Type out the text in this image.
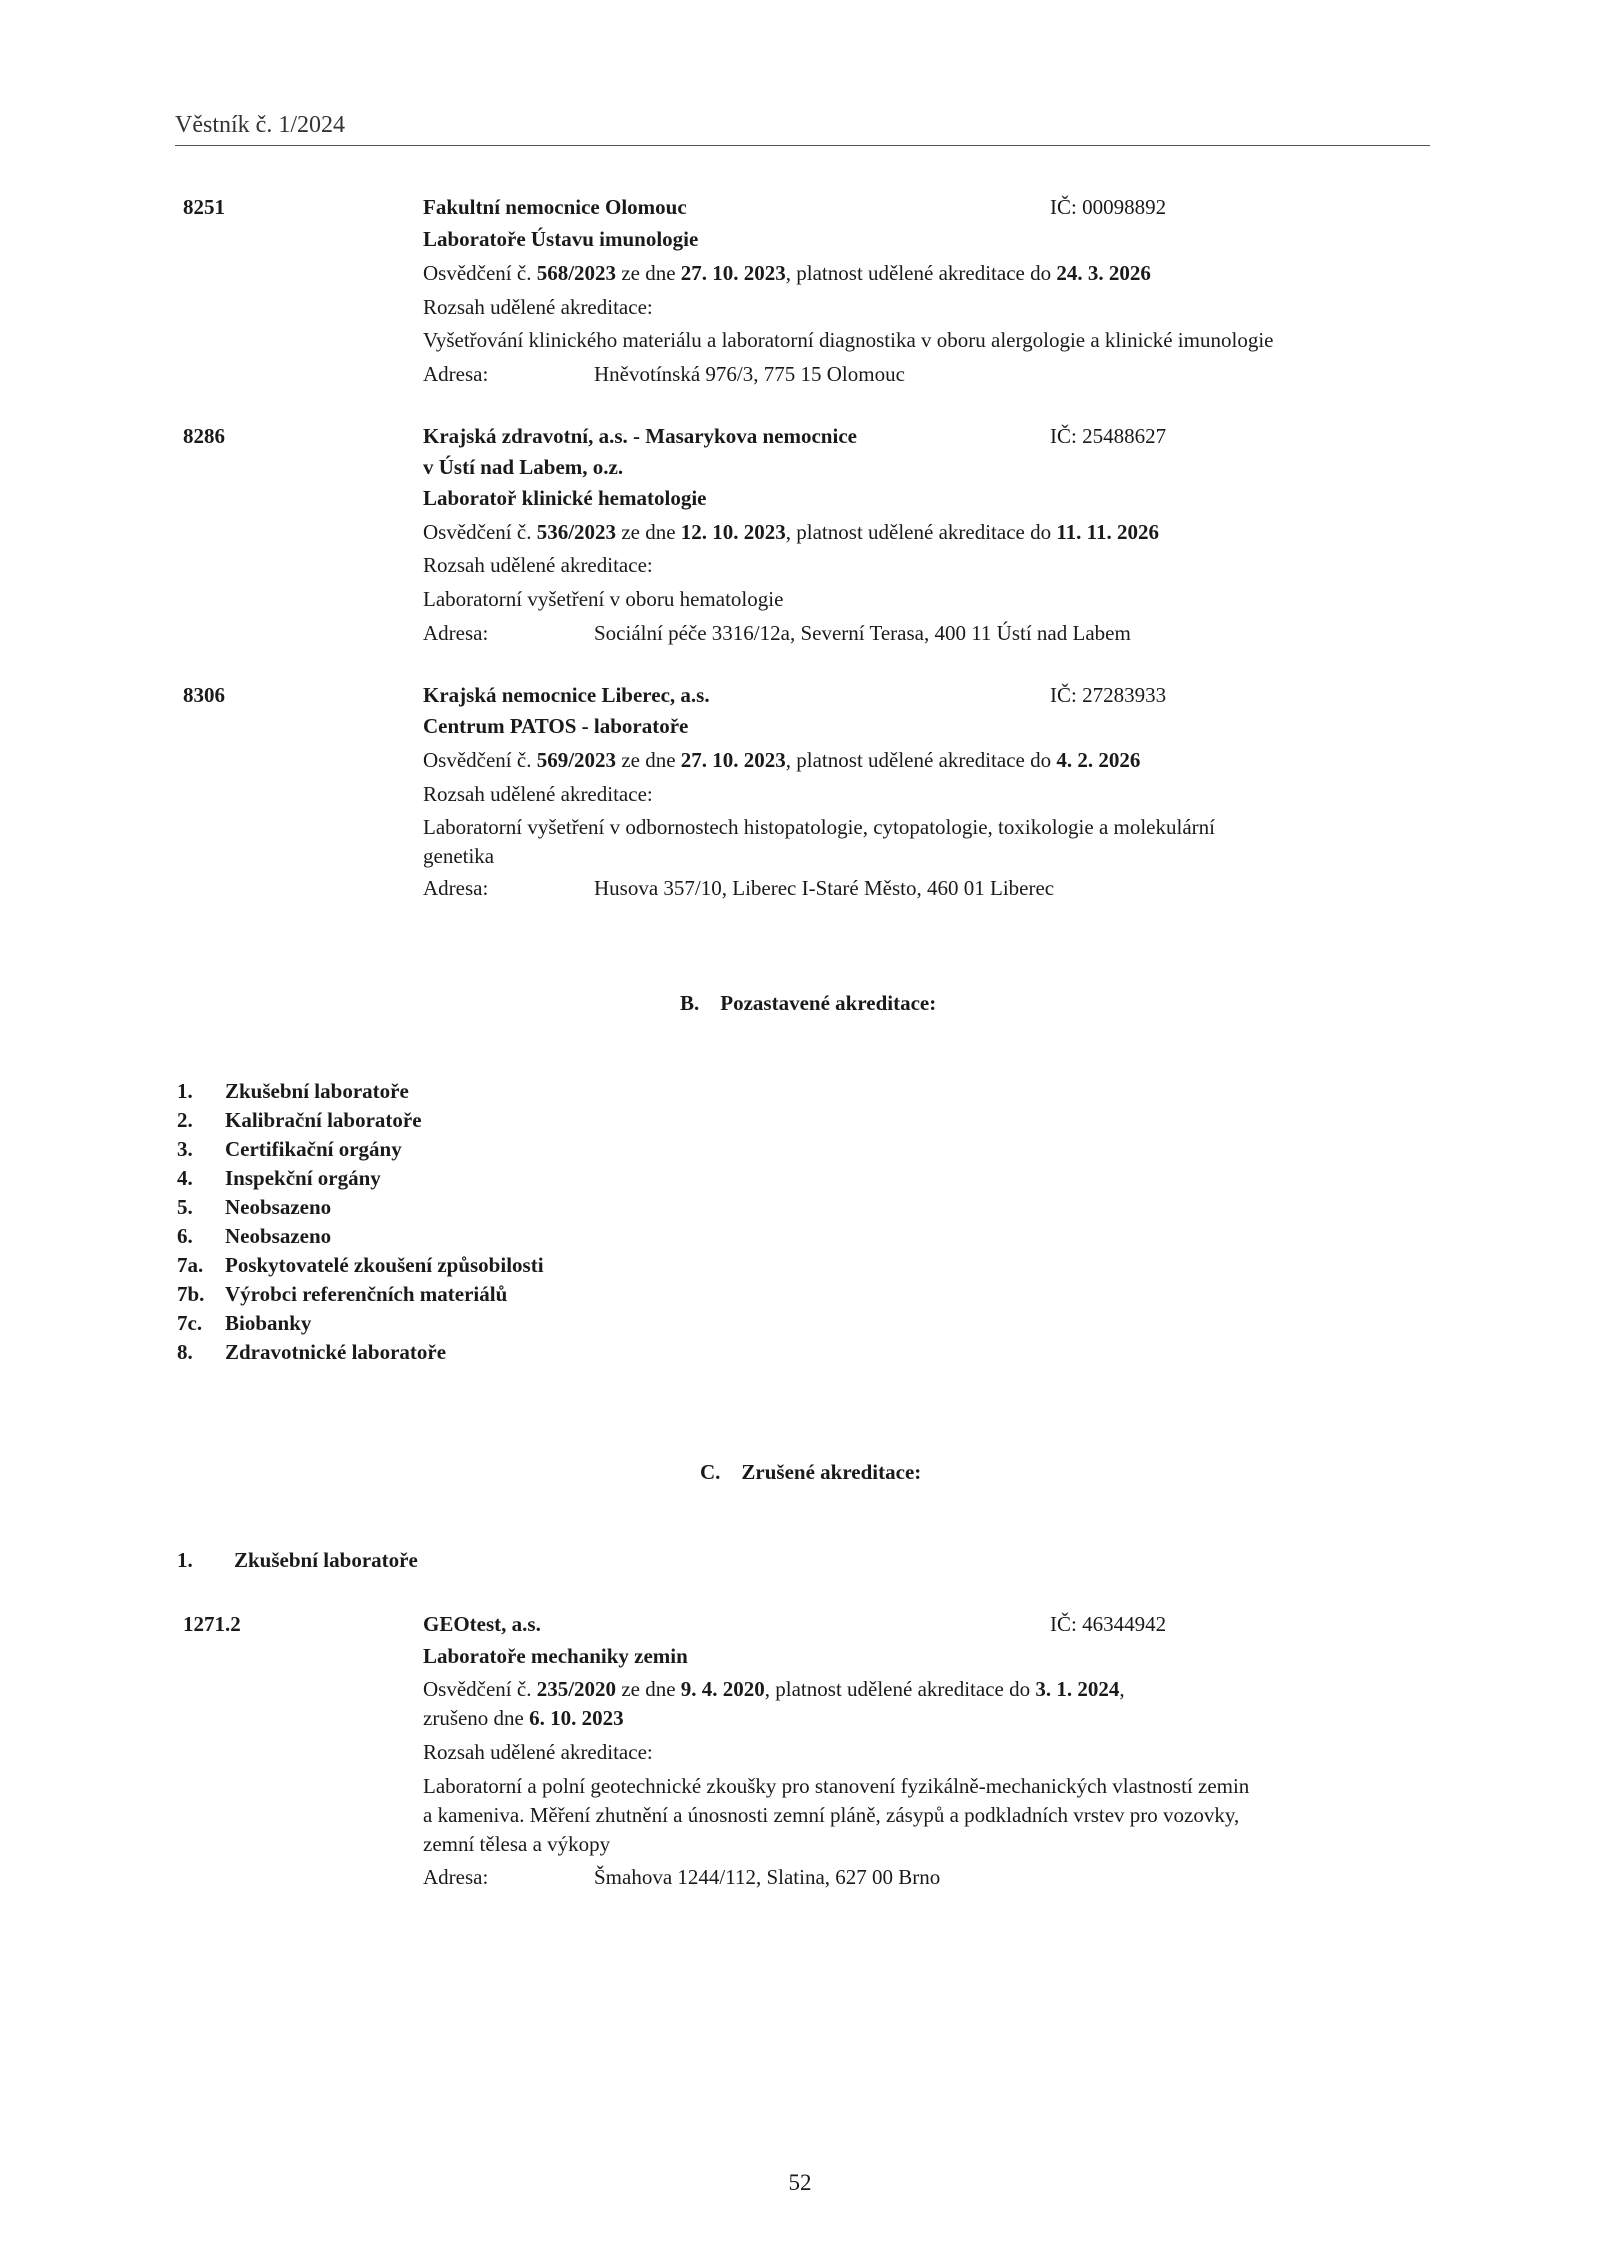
Věstník č. 1/2024
8251	Fakultní nemocnice Olomouc	IČ: 00098892
Laboratoře Ústavu imunologie
Osvědčení č. 568/2023 ze dne 27. 10. 2023, platnost udělené akreditace do 24. 3. 2026
Rozsah udělené akreditace:
Vyšetřování klinického materiálu a laboratorní diagnostika v oboru alergologie a klinické imunologie
Adresa:	Hněvotínská 976/3, 775 15 Olomouc
8286	Krajská zdravotní, a.s. - Masarykova nemocnice	IČ: 25488627
v Ústí nad Labem, o.z.
Laboratoř klinické hematologie
Osvědčení č. 536/2023 ze dne 12. 10. 2023, platnost udělené akreditace do 11. 11. 2026
Rozsah udělené akreditace:
Laboratorní vyšetření v oboru hematologie
Adresa:	Sociální péče 3316/12a, Severní Terasa, 400 11 Ústí nad Labem
8306	Krajská nemocnice Liberec, a.s.	IČ: 27283933
Centrum PATOS - laboratoře
Osvědčení č. 569/2023 ze dne 27. 10. 2023, platnost udělené akreditace do 4. 2. 2026
Rozsah udělené akreditace:
Laboratorní vyšetření v odbornostech histopatologie, cytopatologie, toxikologie a molekulární
genetika
Adresa:	Husova 357/10, Liberec I-Staré Město, 460 01 Liberec
B. Pozastavené akreditace:
1. Zkušební laboratoře
2. Kalibrační laboratoře
3. Certifikační orgány
4. Inspekční orgány
5. Neobsazeno
6. Neobsazeno
7a. Poskytovatelé zkoušení způsobilosti
7b. Výrobci referenčních materiálů
7c. Biobanky
8. Zdravotnické laboratoře
C. Zrušené akreditace:
1. Zkušební laboratoře
1271.2	GEOtest, a.s.	IČ: 46344942
Laboratoře mechaniky zemin
Osvědčení č. 235/2020 ze dne 9. 4. 2020, platnost udělené akreditace do 3. 1. 2024,
zrušeno dne 6. 10. 2023
Rozsah udělené akreditace:
Laboratorní a polní geotechnické zkoušky pro stanovení fyzikálně-mechanických vlastností zemin
a kameniva. Měření zhutnění a únosnosti zemní pláně, zásypů a podkladních vrstev pro vozovky,
zemní tělesa a výkopy
Adresa:	Šmahova 1244/112, Slatina, 627 00 Brno
52
